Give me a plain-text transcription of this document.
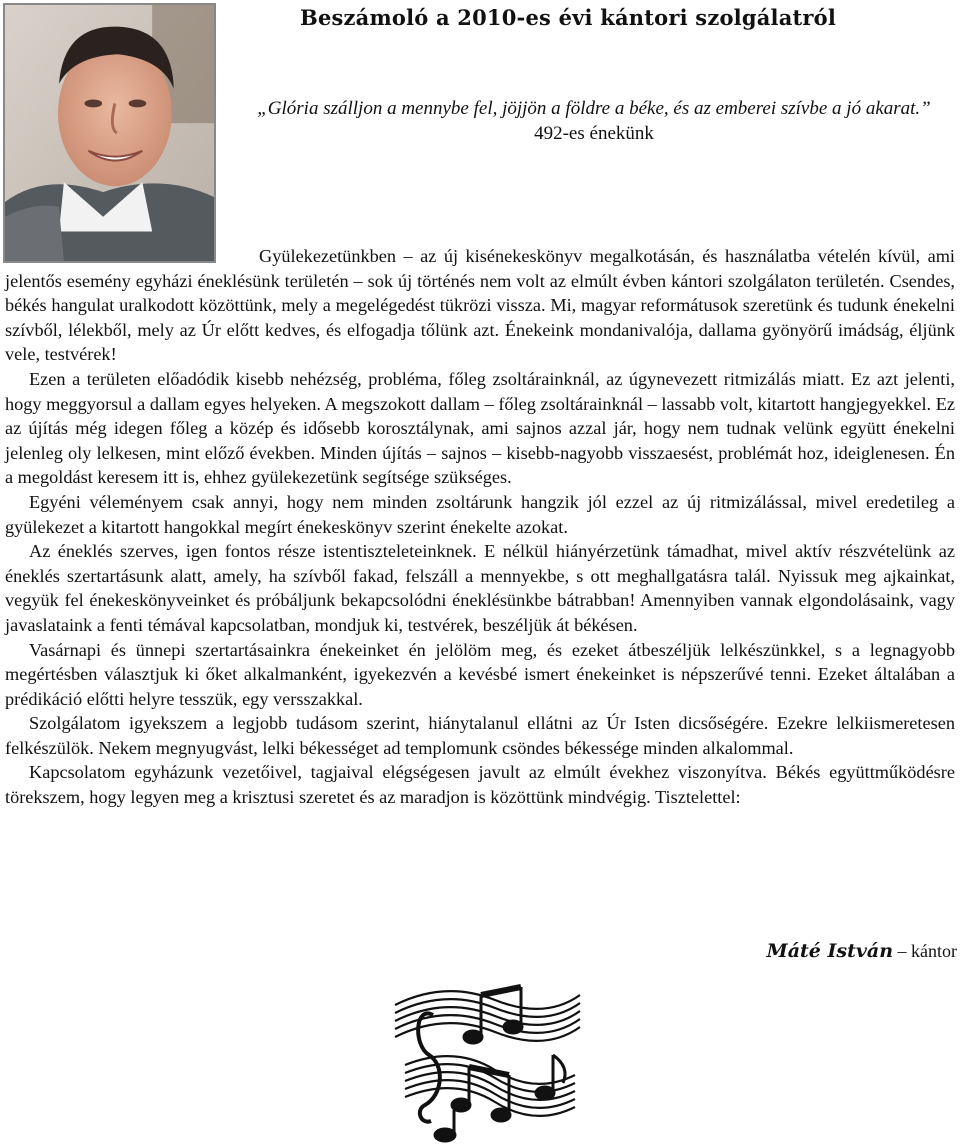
Beszámoló a 2010-es évi kántori szolgálatról
„Glória szálljon a mennybe fel, jöjjön a földre a béke, és az emberei szívbe a jó akarat.” 492-es énekünk

Gyülekezetünkben – az új kisénekeskönyv megalkotásán, és használatba vételén kívül, ami jelentős esemény egyházi éneklésünk területén – sok új történés nem volt az elmúlt évben kántori szolgálaton területén. Csendes, békés hangulat uralkodott közöttünk, mely a megelégedést tükrözi vissza. Mi, magyar reformátusok szeretünk és tudunk énekelni szívből, lélekből, mely az Úr előtt kedves, és elfogadja tőlünk azt. Énekeink mondanivalója, dallama gyönyörű imádság, éljünk vele, testvérek!

Ezen a területen előadódik kisebb nehézség, probléma, főleg zsoltárainknál, az úgynevezett ritmizálás miatt. Ez azt jelenti, hogy meggyorsul a dallam egyes helyeken. A megszokott dallam – főleg zsoltárainknál – lassabb volt, kitartott hangjegyekkel. Ez az újítás még idegen főleg a közép és idősebb korosztálynak, ami sajnos azzal jár, hogy nem tudnak velünk együtt énekelni jelenleg oly lelkesen, mint előző években. Minden újítás – sajnos – kisebb-nagyobb visszaesést, problémát hoz, ideiglenesen. Én a megoldást keresem itt is, ehhez gyülekezetünk segítsége szükséges.

Egyéni véleményem csak annyi, hogy nem minden zsoltárunk hangzik jól ezzel az új ritmizálással, mivel eredetileg a gyülekezet a kitartott hangokkal megírt énekeskönyv szerint énekelte azokat.

Az éneklés szerves, igen fontos része istentiszteleteinknek. E nélkül hiányérzetünk támadhat, mivel aktív részvételünk az éneklés szertartásunk alatt, amely, ha szívből fakad, felszáll a mennyekbe, s ott meghallgatásra talál. Nyissuk meg ajkainkat, vegyük fel énekeskönyveinket és próbáljunk bekapcsolódni éneklésünkbe bátrabban! Amennyiben vannak elgondolásaink, vagy javaslataink a fenti témával kapcsolatban, mondjuk ki, testvérek, beszéljük át békésen.

Vasárnapi és ünnepi szertartásainkra énekeinket én jelölöm meg, és ezeket átbeszéljük lelkészünkkel, s a legnagyobb megértésben választjuk ki őket alkalmanként, igyekezvén a kevésbé ismert énekeinket is népszerűvé tenni. Ezeket általában a prédikáció előtti helyre tesszük, egy versszakkal.

Szolgálatom igyekszem a legjobb tudásom szerint, hiánytalanul ellátni az Úr Isten dicsőségére. Ezekre lelkiismeretesen felkészülök. Nekem megnyugvást, lelki békességet ad templomunk csöndes békessége minden alkalommal.

Kapcsolatom egyházunk vezetőivel, tagjaival elégségesen javult az elmúlt évekhez viszonyítva. Békés együttműködésre törekszem, hogy legyen meg a krisztusi szeretet és az maradjon is közöttünk mindvégig. Tisztelettel:

Máté István – kántor
